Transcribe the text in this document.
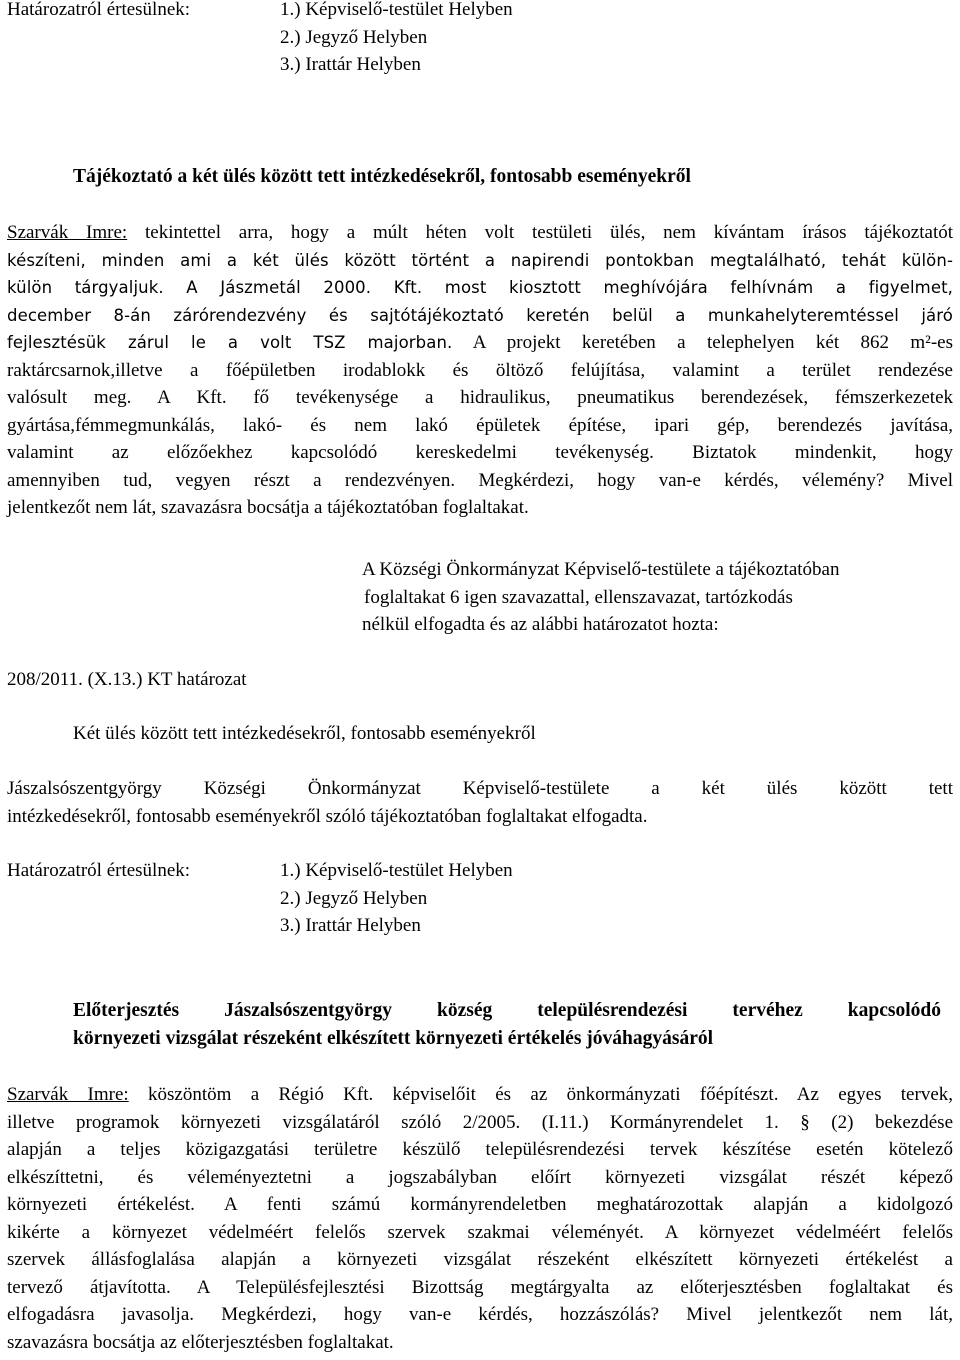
Határozatról értesülnek:	1.) Képviselő-testület Helyben
2.) Jegyző Helyben
3.) Irattár Helyben
Tájékoztató a két ülés között tett intézkedésekről, fontosabb eseményekről
Szarvák Imre: tekintettel arra, hogy a múlt héten volt testületi ülés, nem kívántam írásos tájékoztatót
készíteni, minden ami a két ülés között történt a napirendi pontokban megtalálható, tehát külön-
külön tárgyaljuk. A Jászmetál 2000. Kft. most kiosztott meghívójára felhívnám a figyelmet,
december 8-án zárórendezvény és sajtótájékoztató keretén belül a munkahelyteremtéssel járó
fejlesztésük zárul le a volt TSZ majorban. A projekt keretében a telephelyen két 862 m²-es
raktárcsarnok,illetve a főépületben irodablokk és öltöző felújítása, valamint a terület rendezése
valósult meg. A Kft. fő tevékenysége a hidraulikus, pneumatikus berendezések, fémszerkezetek
gyártása,fémmegmunkálás, lakó- és nem lakó épületek építése, ipari gép, berendezés javítása,
valamint az előzőekhez kapcsolódó kereskedelmi tevékenység. Biztatok mindenkit, hogy
amennyiben tud, vegyen részt a rendezvényen. Megkérdezi, hogy van-e kérdés, vélemény? Mivel
jelentkezőt nem lát, szavazásra bocsátja a tájékoztatóban foglaltakat.
A Községi Önkormányzat Képviselő-testülete a tájékoztatóban
foglaltakat 6 igen szavazattal, ellenszavazat, tartózkodás
nélkül elfogadta és az alábbi határozatot hozta:
208/2011. (X.13.) KT határozat
Két ülés között tett intézkedésekről, fontosabb eseményekről
Jászalsószentgyörgy Községi Önkormányzat Képviselő-testülete a két ülés között tett
intézkedésekről, fontosabb eseményekről szóló tájékoztatóban foglaltakat elfogadta.
Határozatról értesülnek:	1.) Képviselő-testület Helyben
2.) Jegyző Helyben
3.) Irattár Helyben
Előterjesztés Jászalsószentgyörgy község településrendezési tervéhez kapcsolódó
környezeti vizsgálat részeként elkészített környezeti értékelés jóváhagyásáról
Szarvák Imre: köszöntöm a Régió Kft. képviselőit és az önkormányzati főépítészt. Az egyes tervek,
illetve programok környezeti vizsgálatáról szóló 2/2005. (I.11.) Kormányrendelet 1. § (2) bekezdése
alapján a teljes közigazgatási területre készülő településrendezési tervek készítése esetén kötelező
elkészíttetni, és véleményeztetni a jogszabályban előírt környezeti vizsgálat részét képező
környezeti értékelést. A fenti számú kormányrendeletben meghatározottak alapján a kidolgozó
kikérte a környezet védelméért felelős szervek szakmai véleményét. A környezet védelméért felelős
szervek állásfoglalása alapján a környezeti vizsgálat részeként elkészített környezeti értékelést a
tervező átjavította. A Településfejlesztési Bizottság megtárgyalta az előterjesztésben foglaltakat és
elfogadásra javasolja. Megkérdezi, hogy van-e kérdés, hozzászólás? Mivel jelentkezőt nem lát,
szavazásra bocsátja az előterjesztésben foglaltakat.
